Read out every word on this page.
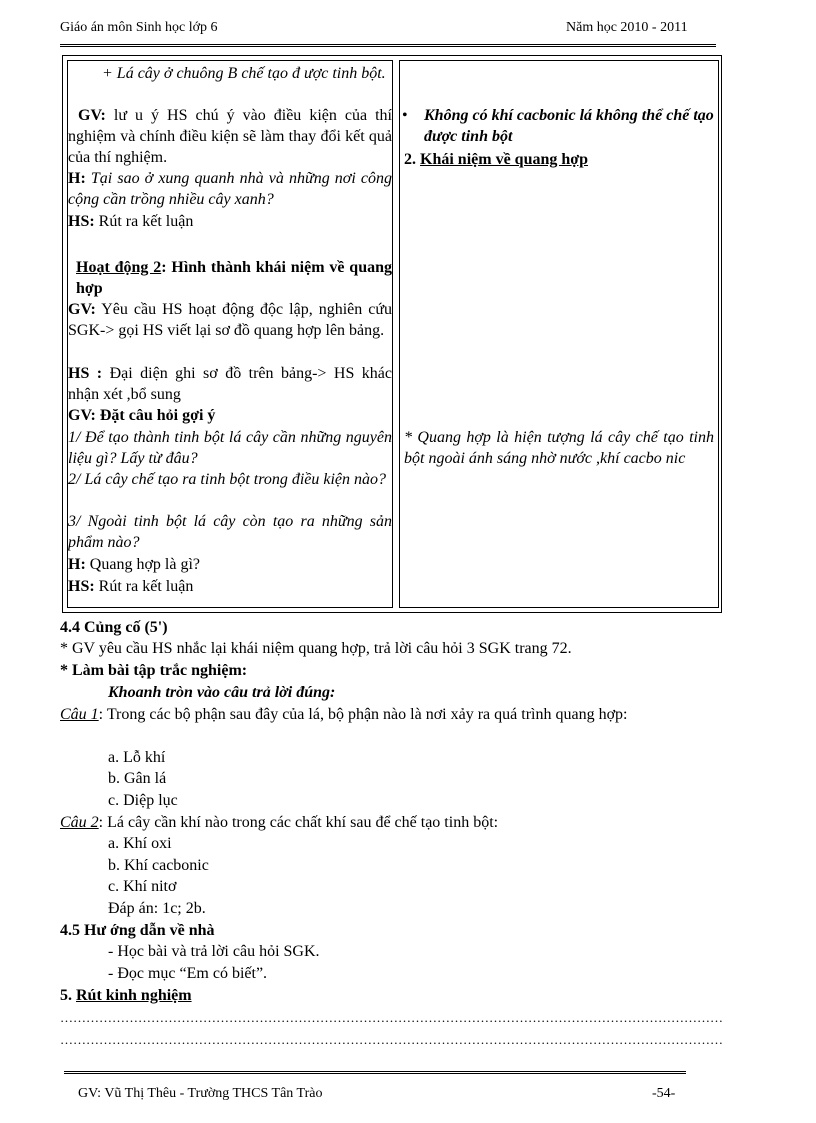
Giáo án môn Sinh học lớp 6	Năm học 2010 - 2011
+ Lá cây ở chuông B chế tạo đ ược tinh bột.
GV: lư u ý HS chú ý vào điều kiện của thí nghiệm và chính điều kiện sẽ làm thay đổi kết quả của thí nghiệm.
H: Tại sao ở xung quanh nhà và những nơi công cộng cần trồng nhiều cây xanh?
HS: Rút ra kết luận
Hoạt động 2: Hình thành khái niệm về quang hợp
GV: Yêu cầu HS hoạt động độc lập, nghiên cứu SGK-> gọi HS viết lại sơ đồ quang hợp lên bảng.
HS : Đại diện ghi sơ đồ trên bảng-> HS khác nhận xét ,bổ sung
GV: Đặt câu hỏi gợi ý
1/ Để tạo thành tinh bột lá cây cần những nguyên liệu gì? Lấy từ đâu?
2/ Lá cây chế tạo ra tinh bột trong điều kiện nào?
3/ Ngoài tinh bột lá cây còn tạo ra những sản phẩm nào?
H: Quang hợp là gì?
HS: Rút ra kết luận
•	Không có khí cacbonic lá không thể chế tạo được tinh bột
2. Khái niệm về quang hợp
* Quang hợp là hiện tượng lá cây chế tạo tinh bột ngoài ánh sáng nhờ nước ,khí cacbo nic
4.4 Củng cố (5')
* GV yêu cầu HS nhắc lại khái niệm quang hợp, trả lời câu hỏi 3 SGK trang 72.
* Làm bài tập trắc nghiệm:
Khoanh tròn vào câu trả lời đúng:
Câu 1: Trong các bộ phận sau đây của lá, bộ phận nào là nơi xảy ra quá trình quang hợp:
a. Lỗ khí
b. Gân lá
c. Diệp lục
Câu 2: Lá cây cần khí nào trong các chất khí sau để chế tạo tinh bột:
a. Khí oxi
b. Khí cacbonic
c. Khí nitơ
Đáp án: 1c; 2b.
4.5 Hư ớng dẫn về nhà
- Học bài và trả lời câu hỏi SGK.
- Đọc mục “Em có biết”.
5. Rút kinh nghiệm
………………………………………………………………………………………………………………………………………
………………………………………………………………………………………………………………………………………
GV: Vũ Thị Thêu - Trường THCS Tân Trào	-54-
